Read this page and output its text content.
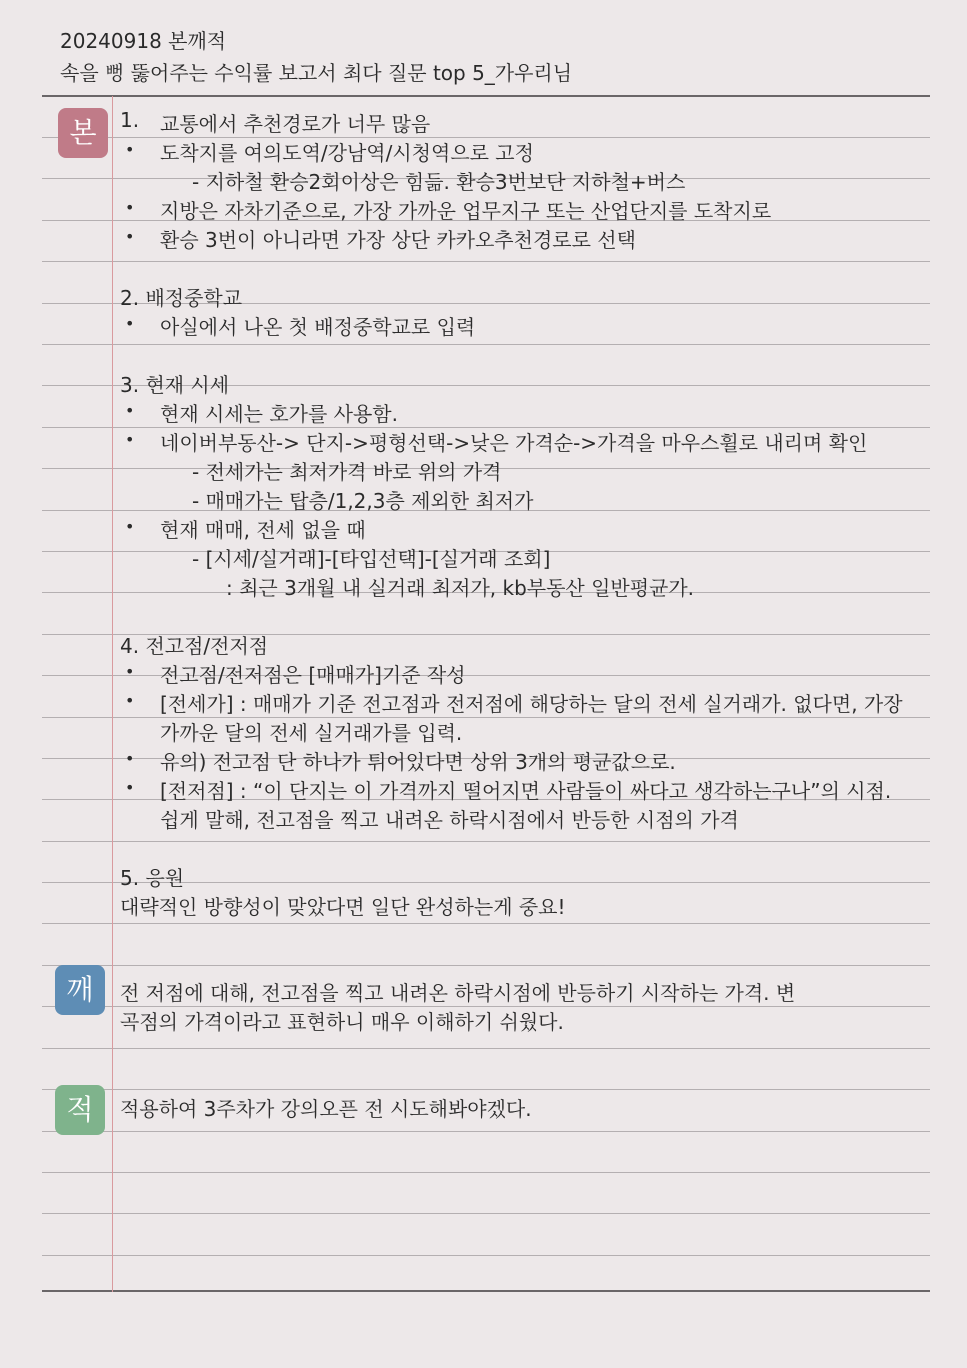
20240918 본깨적
속을 뻥 뚫어주는 수익률 보고서 최다 질문 top 5_가우리님
본
깨
적
1. 교통에서 추천경로가 너무 많음
• 도착지를 여의도역/강남역/시청역으로 고정
- 지하철 환승2회이상은 힘듦. 환승3번보단 지하철+버스
• 지방은 자차기준으로, 가장 가까운 업무지구 또는 산업단지를 도착지로
• 환승 3번이 아니라면 가장 상단 카카오추천경로로 선택
2. 배정중학교
• 아실에서 나온 첫 배정중학교로 입력
3. 현재 시세
• 현재 시세는 호가를 사용함.
• 네이버부동산-> 단지->평형선택->낮은 가격순->가격을 마우스휠로 내리며 확인
- 전세가는 최저가격 바로 위의 가격
- 매매가는 탑층/1,2,3층 제외한 최저가
• 현재 매매, 전세 없을 때
- [시세/실거래]-[타입선택]-[실거래 조회]
: 최근 3개월 내 실거래 최저가, kb부동산 일반평균가.
4. 전고점/전저점
• 전고점/전저점은 [매매가]기준 작성
• [전세가] : 매매가 기준 전고점과 전저점에 해당하는 달의 전세 실거래가. 없다면, 가장
가까운 달의 전세 실거래가를 입력.
• 유의) 전고점 단 하나가 튀어있다면 상위 3개의 평균값으로.
• [전저점] : “이 단지는 이 가격까지 떨어지면 사람들이 싸다고 생각하는구나”의 시점.
쉽게 말해, 전고점을 찍고 내려온 하락시점에서 반등한 시점의 가격
5. 응원
대략적인 방향성이 맞았다면 일단 완성하는게 중요!
전 저점에 대해, 전고점을 찍고 내려온 하락시점에 반등하기 시작하는 가격. 변
곡점의 가격이라고 표현하니 매우 이해하기 쉬웠다.
적용하여 3주차가 강의오픈 전 시도해봐야겠다.
